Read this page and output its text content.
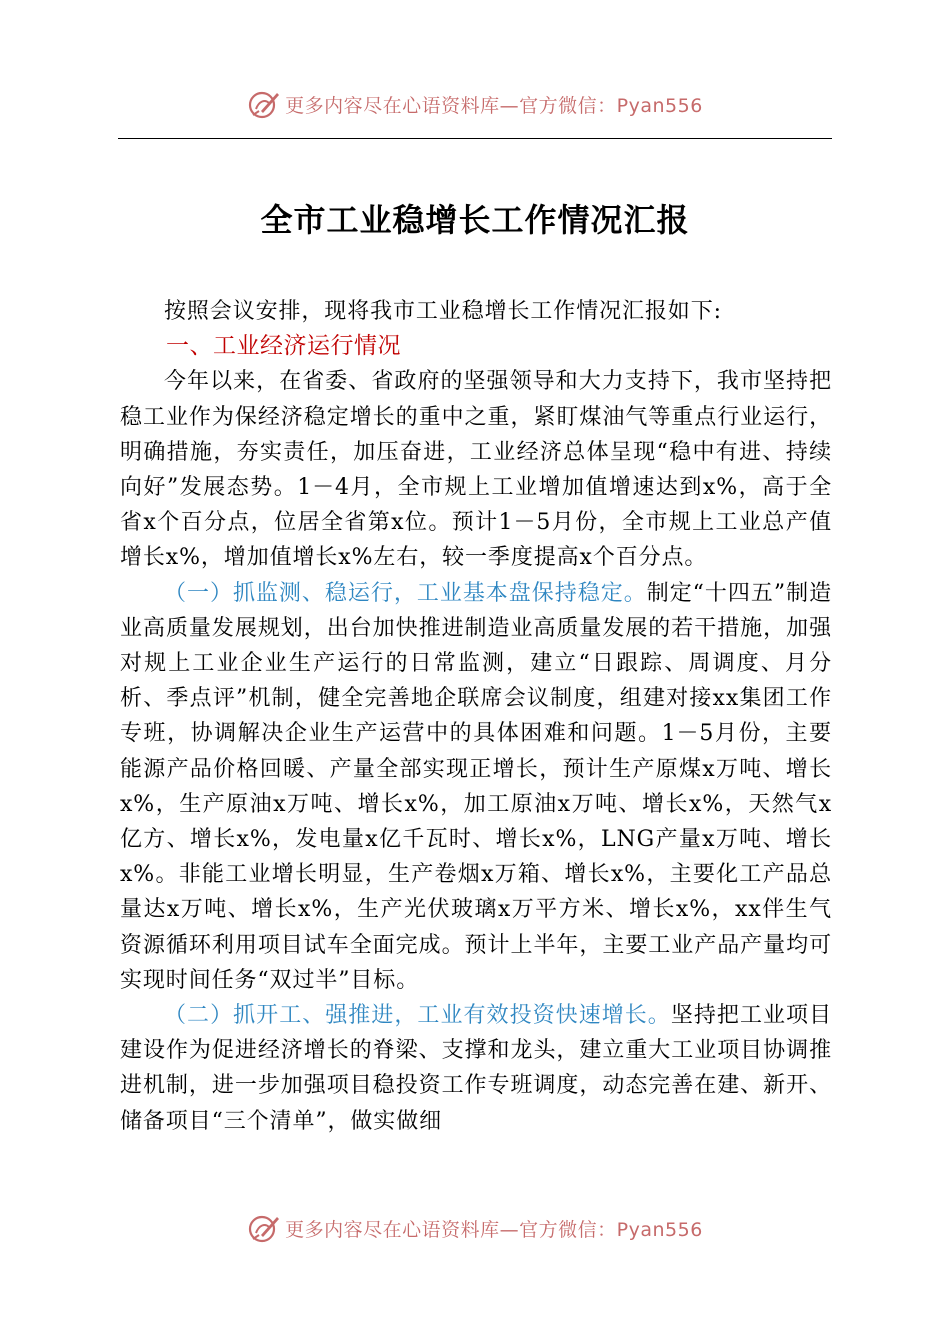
更多内容尽在心语资料库—官方微信：Pyan556
全市工业稳增长工作情况汇报

按照会议安排，现将我市工业稳增长工作情况汇报如下:

一、工业经济运行情况

今年以来，在省委、省政府的坚强领导和大力支持下，我市坚持把稳工业作为保经济稳定增长的重中之重，紧盯煤油气等重点行业运行，明确措施，夯实责任，加压奋进，工业经济总体呈现“稳中有进、持续向好”发展态势。1－4月，全市规上工业增加值增速达到x%，高于全省x个百分点，位居全省第x位。预计1－5月份，全市规上工业总产值增长x%，增加值增长x%左右，较一季度提高x个百分点。

（一）抓监测、稳运行，工业基本盘保持稳定。制定“十四五”制造业高质量发展规划，出台加快推进制造业高质量发展的若干措施，加强对规上工业企业生产运行的日常监测，建立“日跟踪、周调度、月分析、季点评”机制，健全完善地企联席会议制度，组建对接xx集团工作专班，协调解决企业生产运营中的具体困难和问题。1－5月份，主要能源产品价格回暖、产量全部实现正增长，预计生产原煤x万吨、增长x%，生产原油x万吨、增长x%，加工原油x万吨、增长x%，天然气x亿方、增长x%，发电量x亿千瓦时、增长x%，LNG产量x万吨、增长x%。非能工业增长明显，生产卷烟x万箱、增长x%，主要化工产品总量达x万吨、增长x%，生产光伏玻璃x万平方米、增长x%，xx伴生气资源循环利用项目试车全面完成。预计上半年，主要工业产品产量均可实现时间任务“双过半”目标。

（二）抓开工、强推进，工业有效投资快速增长。坚持把工业项目建设作为促进经济增长的脊梁、支撑和龙头，建立重大工业项目协调推进机制，进一步加强项目稳投资工作专班调度，动态完善在建、新开、储备项目“三个清单”，做实做细

更多内容尽在心语资料库—官方微信：Pyan556
